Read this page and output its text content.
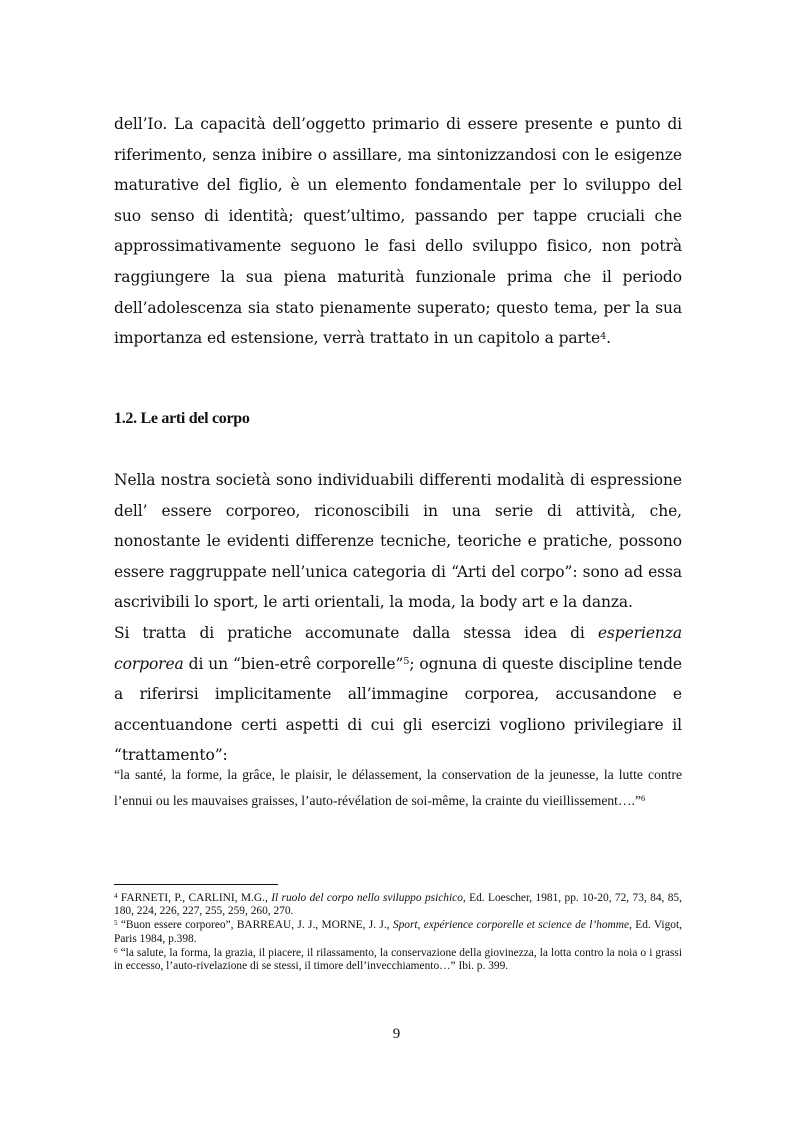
dell’Io. La capacità dell’oggetto primario di essere presente e punto di riferimento, senza inibire o assillare, ma sintonizzandosi con le esigenze maturative del figlio, è un elemento fondamentale per lo sviluppo del suo senso di identità; quest’ultimo, passando per tappe cruciali che approssimativamente seguono le fasi dello sviluppo fisico, non potrà raggiungere la sua piena maturità funzionale prima che il periodo dell’adolescenza sia stato pienamente superato; questo tema, per la sua importanza ed estensione, verrà trattato in un capitolo a parte$^4$.

1.2. Le arti del corpo

Nella nostra società sono individuabili differenti modalità di espressione dell’ essere corporeo, riconoscibili in una serie di attività, che, nonostante le evidenti differenze tecniche, teoriche e pratiche, possono essere raggruppate nell’unica categoria di “Arti del corpo”: sono ad essa ascrivibili lo sport, le arti orientali, la moda, la body art e la danza.

Si tratta di pratiche accomunate dalla stessa idea di esperienza corporea di un “bien-etrê corporelle”$^5$; ognuna di queste discipline tende a riferirsi implicitamente all’immagine corporea, accusandone e accentuandone certi aspetti di cui gli esercizi vogliono privilegiare il “trattamento”:

“la santé, la forme, la grâce, le plaisir, le délassement, la conservation de la jeunesse, la lutte contre l’ennui ou les mauvaises graisses, l’auto-révélation de soi-même, la crainte du vieillissement….”$^6$

$^4$ FARNETI, P., CARLINI, M.G., Il ruolo del corpo nello sviluppo psichico, Ed. Loescher, 1981, pp. 10-20, 72, 73, 84, 85, 180, 224, 226, 227, 255, 259, 260, 270.

$^5$ “Buon essere corporeo”, BARREAU, J. J., MORNE, J. J., Sport, expérience corporelle et science de l’homme, Ed. Vigot, Paris 1984, p.398.

$^6$ “la salute, la forma, la grazia, il piacere, il rilassamento, la conservazione della giovinezza, la lotta contro la noia o i grassi in eccesso, l’auto-rivelazione di se stessi, il timore dell’invecchiamento…” Ibi. p. 399.

9
